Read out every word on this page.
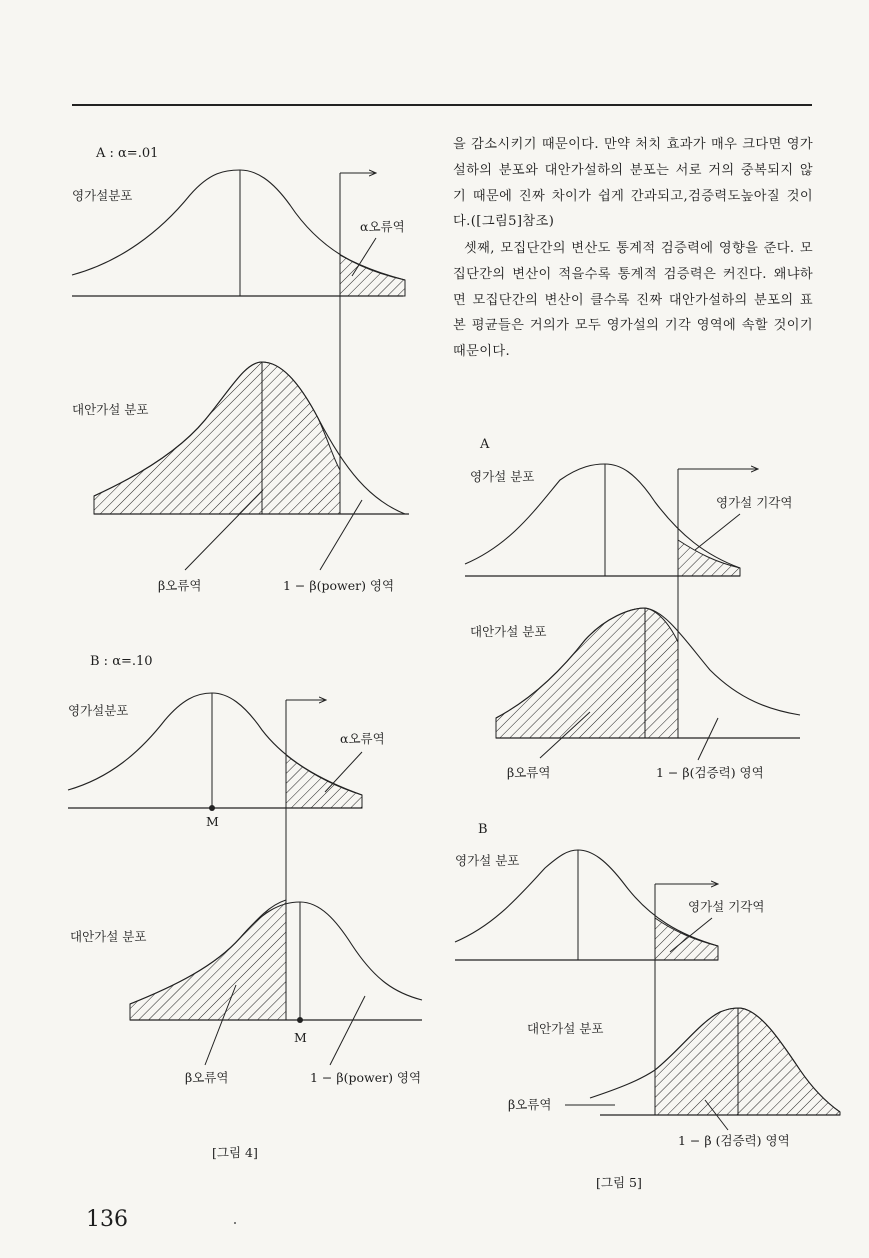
을 감소시키기 때문이다. 만약 처치 효과가 매우 크다면 영가설하의 분포와 대안가설하의 분포는 서로 거의 중복되지 않기 때문에 진짜 차이가 쉽게 간과되고,검증력도높아질 것이다.([그림5]참조)

셋째, 모집단간의 변산도 통계적 검증력에 영향을 준다. 모집단간의 변산이 적을수록 통계적 검증력은 커진다. 왜냐하면 모집단간의 변산이 클수록 진짜 대안가설하의 분포의 표본 평균들은 거의가 모두 영가설의 기각 영역에 속할 것이기 때문이다.

A : α=.01
영가설분포
α오류역
대안가설 분포
β오류역	1 − β(power) 영역
B : α=.10
영가설분포
α오류역
M
대안가설 분포
M
β오류역	1 − β(power) 영역
[그림 4]
A
영가설 분포
영가설 기각역
대안가설 분포
β오류역	1 − β(검증력) 영역
B
영가설 분포
영가설 기각역
대안가설 분포
β오류역
1 − β (검증력) 영역
[그림 5]
136
